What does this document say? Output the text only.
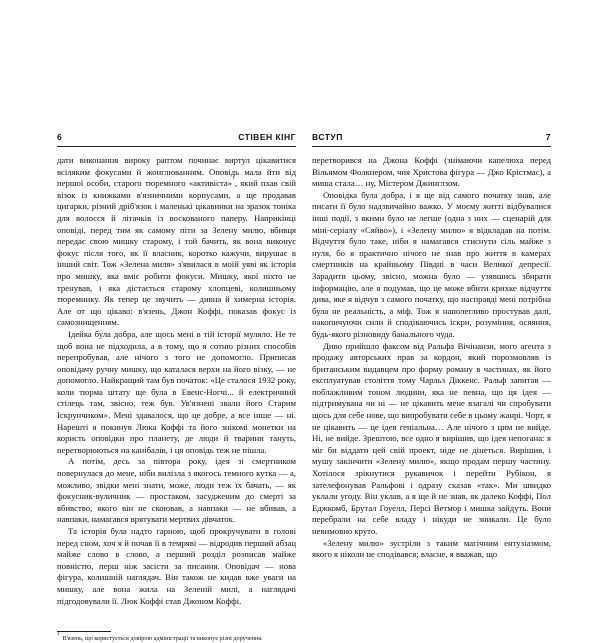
6	СТІВЕН КІНГ

дати виконання вироку раптом починає виртул цікавитися всіляким фокусами й жонглюванням. Оповідь мала йти від першої особи, старого тюремного «активіста»$^1$, який пхав свій візок із книжками в'язничними корпусами, а ще продавав цигарки, різний дріб'язок і маленькі цікавинки на зразок тоніка для волосся й літачків із воскованого паперу. Наприкінці оповіді, перед тим як самому піти за Зелену милю, вбивця передає свою мишку старому, і той бачить, як вона виконує фокус після того, як її власник, коротко кажучи, вирушає в інший світ. Тож «Зелена миля» з'явилася в моїй уяві як історія про мишку, яка вміє робити фокуси. Мишку, якої ніхто не тренував, і яка дістається старому хлопцеві, колишньому тюремнику. Як тепер це звучить — дивна й химерна історія. Але от що цікаво: в'язень, Джон Коффі, показав фокус із самознищенням.

Ідейка була добра, але щось мені в тій історії муляло. Не те щоб вона не підходила, а в тому, що я сотню різних способів перепробував, але нічого з того не допомогло. Приписав оповідачу ручну мишку, що каталася верхи на його візку, — не допомогло. Найкращий там був початок: «Це сталося 1932 року, коли тюрма штату ще була в Евенс-Ногчі... й електричний стілець там, звісно, теж був. Ув'язнені звали його Старим Іскрунчиком». Мені здавалося, що це добре, а все інше — ні. Нарешті я покинув Люка Коффі та його знікомі монетки на користь оповідки про планету, де люди й тварини тануть, перетворюються на канібалів, і ця оповідь теж не пішла.

А потім, десь за півтора року, ідея зі смертником повернулася до мене, ніби вилізла з якогось темного кутка — а, можливо, звідки мені знати, може, люди теж їх бачать, — як фокусник-вуличник — простаком, засудженим до смерті за вбивство, якого він не скоював, а навпаки — не вбивав, а навпаки, намагався врятувати мертвих дівчаток.

Та історія була надто гарною, щоб прокручувати в голові перед сном, хоч я й почав її в темряві — відродив перший абзац майже слово в слово, а перший розділ розписав майже повністю, перш ніж засісти за писання. Оповідач — нова фігура, колишній наглядач. Він також не кидав вже уваги на мишку, але вона жила на Зеленій милі, а наглядачі підгодовували її. Люк Коффі став Джоном Коффі.

$^1$В'язень, що користується довірою адміністрації та виконує різні доручення.
ВСТУП	7

перетворився на Джона Коффі (знімаючи капелюха перед Вільямом Фолкнером, чия Христова фігура — Джо Крістмас), а миша стала… ну, Містером Джинглзом.

Оповідка була добра, і я ще від самого початку знав, але писати її було надзвичайно важко. У моєму житті відбувалися інші події, з якими було не легше (одна з них — сценарій для міні-серіалу «Сяйво»), і «Зелену милю» я відкладав на потім. Відчуття було таке, ніби я намагався стиснути сіль майже з нуля, бо я практично нічого не знав про життя в камерах смертників на крайньому Півдні в часи Великої депресії. Зарадити цьому, звісно, можна було — узявшись збирати інформацію, але я подумав, що це може вбити крихке відчуття дива, яке я відчув з самого початку, що насправді мені потрібна була не реальність, а міф. Тож я наполегливо простував далі, накопичуючи сили й сподіваючись іскри, розуміння, осяяння, будь-якого різновиду банального чуда.

Диво прийшло факсом від Ральфа Вічінанзи, мого агента з продажу авторських прав за кордон, який порозмовляв із британським видавцем про форму роману в частинах, як його експлуатував століття тому Чарльз Діккенс. Ральф запитав — поблажливим тоном людини, яка не певна, що ця ідея — підтримувана чи ні — не цікавить мене взагалі чи спробувати щось для себе нове, що випробувати себе в цьому жанрі. Чорт, я не цікавить — це ідея геніальна… Але нічого з цим не вийде. Ні, не вийде. Зрештою, все одно я вирішив, що ідея непогана: я міг би віддати цей свій проект, ніде не дінеться. Вирішив, і мушу закінчити «Зелену милю», якщо продам першу частину. Хотілося зрікнутися рукавичок і перейти Рубікон, я зателефонував Ральфові і одразу сказав «так». Ми швидко уклали угоду. Він уклав, а я ще й не знав, як далеко Коффі, Пол Еджкомб, Брутал Гоуелл, Персі Ветмор і мишка зайдуть. Вони перебрали на себе владу і нікуди не зникали. Це було невимовно круто.

«Зелену милю» зустріли з таким магічним ентузіазмом, якого я ніколи не сподівався; власне, я вважав, що
